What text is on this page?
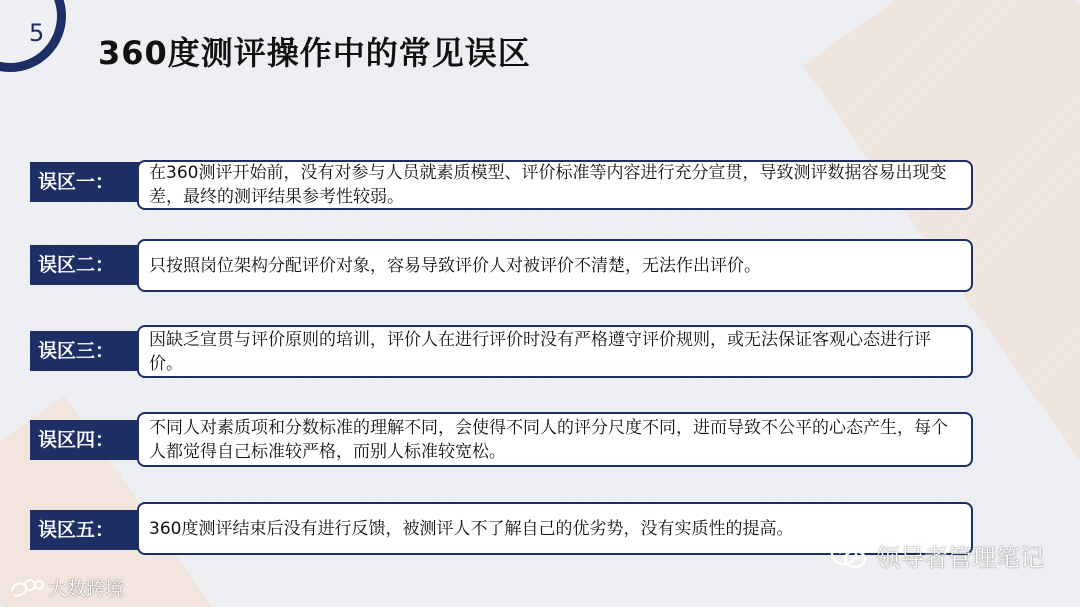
5
360度测评操作中的常见误区
误区一：	在360测评开始前，没有对参与人员就素质模型、评价标准等内容进行充分宣贯，导致测评数据容易出现变差，最终的测评结果参考性较弱。
误区二：	只按照岗位架构分配评价对象，容易导致评价人对被评价不清楚，无法作出评价。
误区三：
因缺乏宣贯与评价原则的培训，评价人在进行评价时没有严格遵守评价规则，或无法保证客观心态进行评价。
误区四：
不同人对素质项和分数标准的理解不同，会使得不同人的评分尺度不同，进而导致不公平的心态产生，每个人都觉得自己标准较严格，而别人标准较宽松。
误区五：	360度测评结束后没有进行反馈，被测评人不了解自己的优劣势，没有实质性的提高。
领导者管理笔记
大数跨境
